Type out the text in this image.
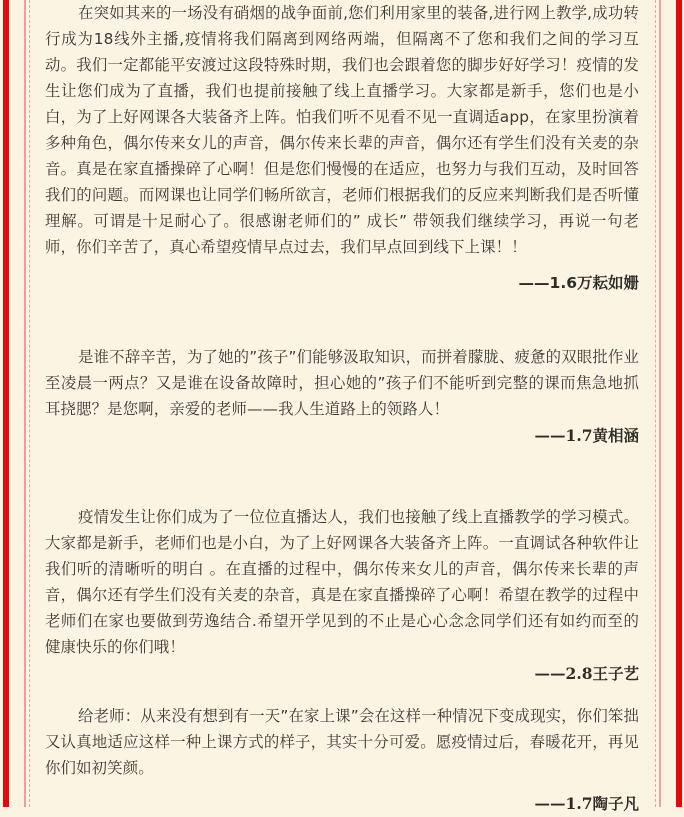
在突如其来的一场没有硝烟的战争面前,您们利用家里的装备,进行网上教学,成功转行成为18线外主播,疫情将我们隔离到网络两端，但隔离不了您和我们之间的学习互动。我们一定都能平安渡过这段特殊时期，我们也会跟着您的脚步好好学习！疫情的发生让您们成为了直播，我们也提前接触了线上直播学习。大家都是新手，您们也是小白，为了上好网课各大装备齐上阵。怕我们听不见看不见一直调适app，在家里扮演着多种角色，偶尔传来女儿的声音，偶尔传来长辈的声音，偶尔还有学生们没有关麦的杂音。真是在家直播操碎了心啊！但是您们慢慢的在适应，也努力与我们互动，及时回答我们的问题。而网课也让同学们畅所欲言，老师们根据我们的反应来判断我们是否听懂理解。可谓是十足耐心了。很感谢老师们的” 成长” 带领我们继续学习，再说一句老师，你们辛苦了，真心希望疫情早点过去，我们早点回到线下上课！！

——1.6万耘如姗

是谁不辞辛苦，为了她的”孩子”们能够汲取知识，而拼着朦胧、疲惫的双眼批作业至凌晨一两点？又是谁在设备故障时，担心她的”孩子们不能听到完整的课而焦急地抓耳挠腮？是您啊，亲爱的老师——我人生道路上的领路人！

——1.7黄相涵

疫情发生让你们成为了一位位直播达人，我们也接触了线上直播教学的学习模式。大家都是新手，老师们也是小白，为了上好网课各大装备齐上阵。一直调试各种软件让我们听的清晰听的明白 。在直播的过程中，偶尔传来女儿的声音，偶尔传来长辈的声音，偶尔还有学生们没有关麦的杂音，真是在家直播操碎了心啊！希望在教学的过程中老师们在家也要做到劳逸结合.希望开学见到的不止是心心念念同学们还有如约而至的健康快乐的你们哦！

——2.8王子艺

给老师：从来没有想到有一天”在家上课”会在这样一种情况下变成现实，你们笨拙又认真地适应这样一种上课方式的样子，其实十分可爱。愿疫情过后，春暖花开，再见你们如初笑颜。

——1.7陶子凡
